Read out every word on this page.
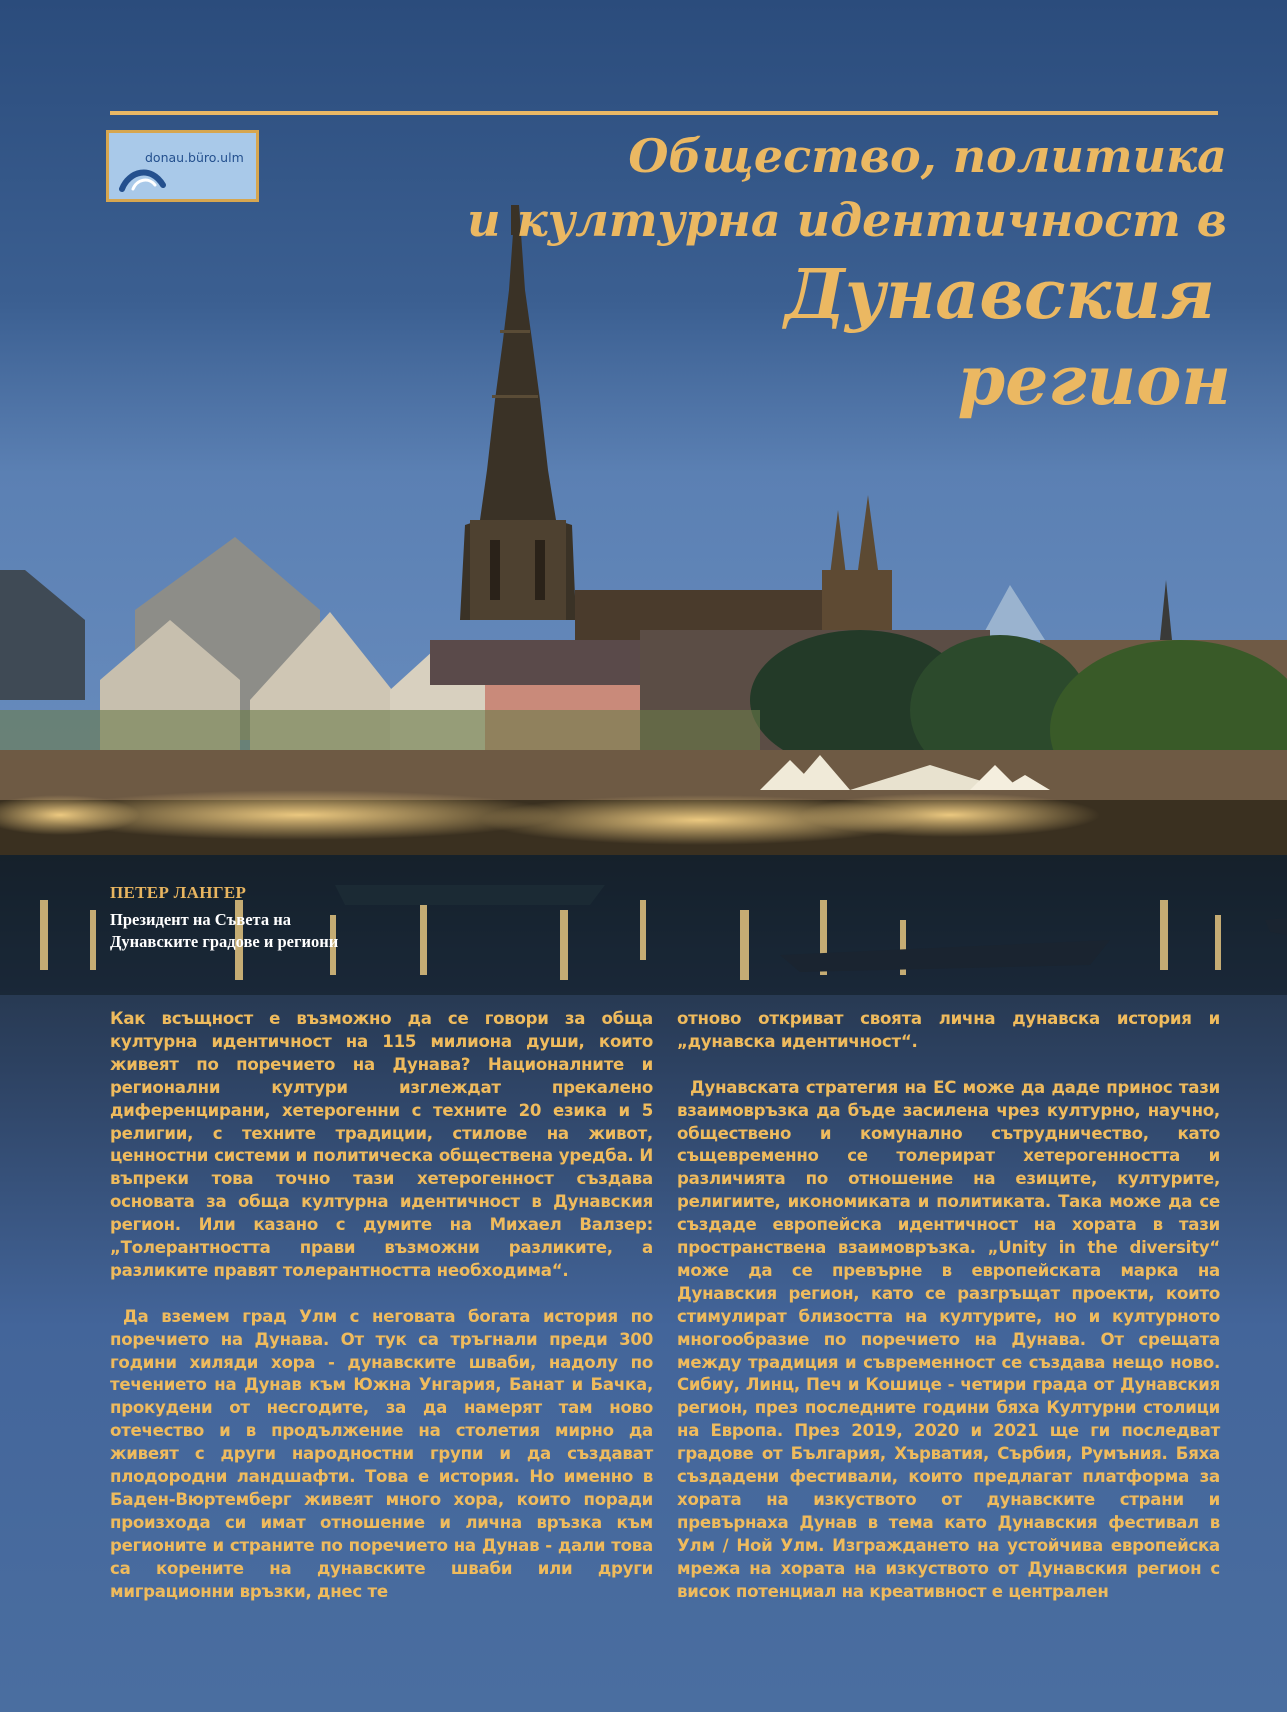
donau.büro.ulm	Общество, политика
и културна идентичност в
Дунавския
регион
ПЕТЕР ЛАНГЕР
Президент на Съвета на
Дунавските градове и региони

Как всъщност е възможно да се говори за обща културна идентичност на 115 милиона души, които живеят по поречието на Дунава? Националните и регионални култури изглеждат прекалено диференцирани, хетерогенни с техните 20 езика и 5 религии, с техните традиции, стилове на живот, ценностни системи и политическа обществена уредба. И въпреки това точно тази хетерогенност създава основата за обща културна идентичност в Дунавския регион. Или казано с думите на Михаел Валзер: „Толерантността прави възможни разликите, а разликите правят толерантността необходима“.

Да вземем град Улм с неговата богата история по поречието на Дунава. От тук са тръгнали преди 300 години хиляди хора - дунавските шваби, надолу по течението на Дунав към Южна Унгария, Банат и Бачка, прокудени от несгодите, за да намерят там ново отечество и в продължение на столетия мирно да живеят с други народностни групи и да създават плодородни ландшафти. Това е история. Но именно в Баден-Вюртемберг живеят много хора, които поради произхода си имат отношение и лична връзка към регионите и страните по поречието на Дунав - дали това са корените на дунавските шваби или други миграционни връзки, днес те

отново откриват своята лична дунавска история и „дунавска идентичност“.

Дунавската стратегия на ЕС може да даде принос тази взаимовръзка да бъде засилена чрез културно, научно, обществено и комунално сътрудничество, като същевременно се толерират хетерогенността и различията по отношение на езиците, културите, религиите, икономиката и политиката. Така може да се създаде европейска идентичност на хората в тази пространствена взаимовръзка. „Unity in the diversity“ може да се превърне в европейската марка на Дунавския регион, като се разгръщат проекти, които стимулират близостта на културите, но и културното многообразие по поречието на Дунава. От срещата между традиция и съвременност се създава нещо ново. Сибиу, Линц, Печ и Кошице - четири града от Дунавския регион, през последните години бяха Културни столици на Европа. През 2019, 2020 и 2021 ще ги последват градове от България, Хърватия, Сърбия, Румъния. Бяха създадени фестивали, които предлагат платформа за хората на изкуството от дунавските страни и превърнаха Дунав в тема като Дунавския фестивал в Улм / Ной Улм. Изграждането на устойчива европейска мрежа на хората на изкуството от Дунавския регион с висок потенциал на креативност е централен
